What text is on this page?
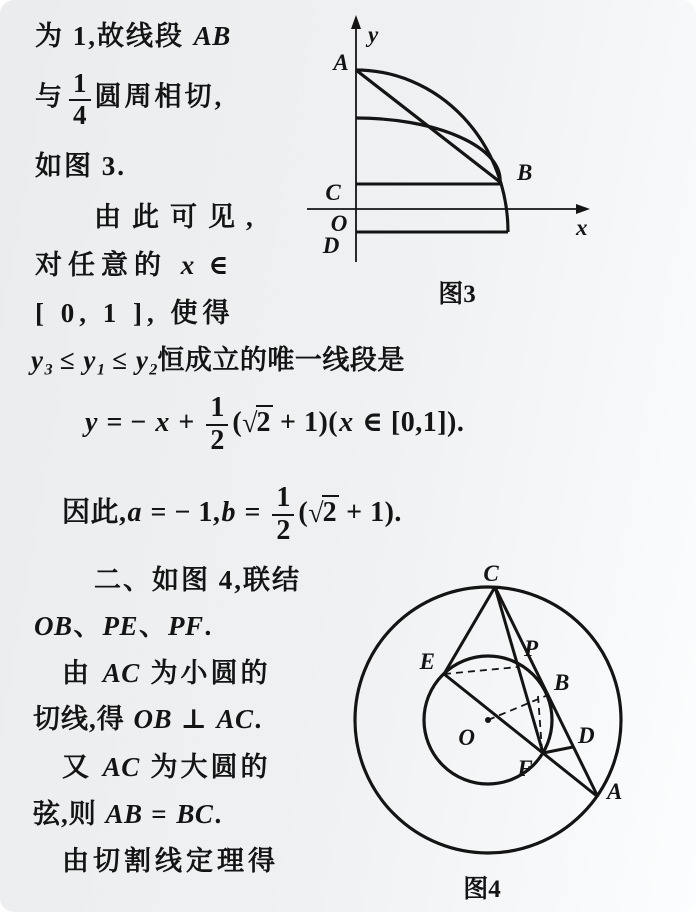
为 1,故线段 AB
与 $\frac{1}{4}$ 圆周相切,
如图 3.
由此可见,
对任意的 x ∈
[ 0, 1 ], 使得
$y_3 \le y_1 \le y_2$恒成立的唯一线段是
y = − $x + \frac{1}{2} (√2 + 1)(x$ ∈ [0,1]).
因此,a = − $1,b = \frac{1}{2} (√2 + 1)$.
二、如图 4,联结
OB、PE、PF.
由 AC 为小圆的
切线,得 OB ⊥ AC.
又 AC 为大圆的
弦,则 AB = BC.
由切割线定理得
A
B
C
O
D
y
x
图3
C
E
P
B
O
F
D
A
图4
